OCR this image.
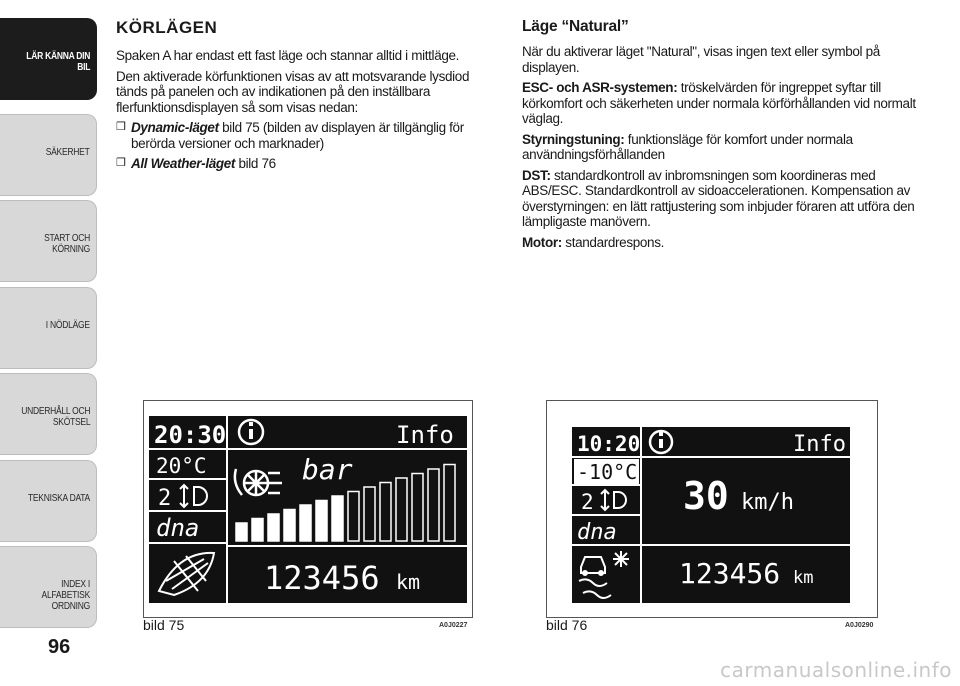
LÄR KÄNNA DIN
BIL
SÄKERHET
START OCH
KÖRNING
I NÖDLÄGE
UNDERHÅLL OCH
SKÖTSEL
TEKNISKA DATA
INDEX I ALFABETISK
ORDNING
96
KÖRLÄGEN

Spaken A har endast ett fast läge och stannar alltid i mittläge.

Den aktiverade körfunktionen visas av att motsvarande lysdiod tänds på panelen och av indikationen på den inställbara flerfunktionsdisplayen så som visas nedan:

❒ Dynamic-läget bild 75 (bilden av displayen är tillgänglig för berörda versioner och marknader)

❒ All Weather-läget bild 76

Läge “Natural”

När du aktiverar läget "Natural", visas ingen text eller symbol på displayen.

ESC- och ASR-systemen: tröskelvärden för ingreppet syftar till körkomfort och säkerheten under normala körförhållanden vid normalt väglag.

Styrningstuning: funktionsläge för komfort under normala användningsförhållanden

DST: standardkontroll av inbromsningen som koordineras med ABS/ESC. Standardkontroll av sidoaccelerationen. Kompensation av överstyrningen: en lätt rattjustering som inbjuder föraren att utföra den lämpligaste manövern.

Motor: standardrespons.

20:30	Info
20°C
2
dna
bar
123456 km
bild 75	A0J0227
10:20	Info
-10°C
2
dna
30 km/h
123456 km
bild 76	A0J0290
carmanualsonline.info
